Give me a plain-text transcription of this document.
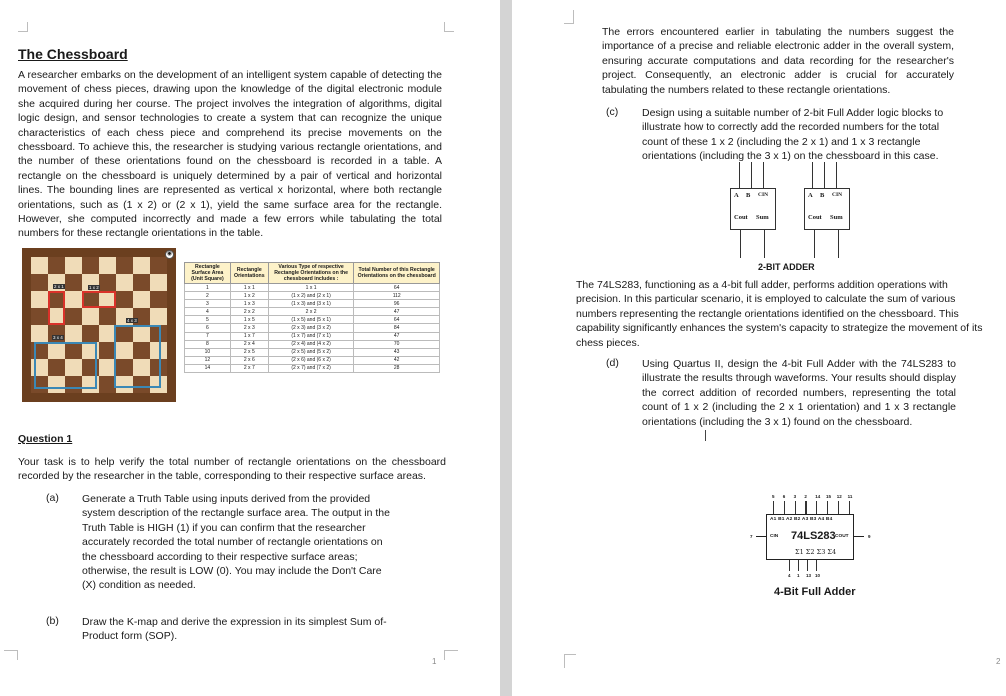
1
The Chessboard
A researcher embarks on the development of an intelligent system capable of detecting the movement of chess pieces, drawing upon the knowledge of the digital electronic module she acquired during her course. The project involves the integration of algorithms, digital logic design, and sensor technologies to create a system that can recognize the unique characteristics of each chess piece and comprehend its precise movements on the chessboard. To achieve this, the researcher is studying various rectangle orientations, and the number of these orientations found on the chessboard is recorded in a table. A rectangle on the chessboard is uniquely determined by a pair of vertical and horizontal lines. The bounding lines are represented as vertical x horizontal, where both rectangle orientations, such as (1 x 2) or (2 x 1), yield the same surface area for the rectangle. However, she computed incorrectly and made a few errors while tabulating the total numbers for these rectangle orientations in the table.
2 x 1	1 x 2
4 x 3
3 x 4
◉
Rectangle Surface Area (Unit Square)	Rectangle Orientations	Various Type of respective Rectangle Orientations on the chessboard includes :	Total Number of this Rectangle Orientations on the chessboard
1	1 x 1	1 x 1	64
2	1 x 2	(1 x 2) and (2 x 1)	112
3	1 x 3	(1 x 3) and (3 x 1)	96
4	2 x 2	2 x 2	47
5	1 x 5	(1 x 5) and (5 x 1)	64
6	2 x 3	(2 x 3) and (3 x 2)	84
7	1 x 7	(1 x 7) and (7 x 1)	47
8	2 x 4	(2 x 4) and (4 x 2)	70
10	2 x 5	(2 x 5) and (5 x 2)	43
12	2 x 6	(2 x 6) and (6 x 2)	42
14	2 x 7	(2 x 7) and (7 x 2)	28
Question 1
Your task is to help verify the total number of rectangle orientations on the chessboard recorded by the researcher in the table, corresponding to their respective surface areas.
(a) Generate a Truth Table using inputs derived from the provided system description of the rectangle surface area. The output in the Truth Table is HIGH (1) if you can confirm that the researcher accurately recorded the total number of rectangle orientations on the chessboard according to their respective surface areas; otherwise, the result is LOW (0). You may include the Don't Care (X) condition as needed.
(b) Draw the K-map and derive the expression in its simplest Sum of- Product form (SOP).
2
The errors encountered earlier in tabulating the numbers suggest the importance of a precise and reliable electronic adder in the overall system, ensuring accurate computations and data recording for the researcher's project. Consequently, an electronic adder is crucial for accurately tabulating the numbers related to these rectangle orientations.
(c) Design using a suitable number of 2-bit Full Adder logic blocks to illustrate how to correctly add the recorded numbers for the total count of these 1 x 2 (including the 2 x 1) and 1 x 3 rectangle orientations (including the 3 x 1) on the chessboard in this case.
A B CIN
Cout Sum
A B CIN
Cout Sum
2-BIT ADDER
The 74LS283, functioning as a 4-bit full adder, performs addition operations with precision. In this particular scenario, it is employed to calculate the sum of various numbers representing the rectangle orientations identified on the chessboard. This capability significantly enhances the system's capacity to strategize the movement of its chess pieces.
(d) Using Quartus II, design the 4-bit Full Adder with the 74LS283 to illustrate the results through waveforms. Your results should display the correct addition of recorded numbers, representing the total count of 1 x 2 (including the 2 x 1 orientation) and 1 x 3 rectangle orientations (including the 3 x 1) found on the chessboard.
5 6 3 2 14 15 12 11
A1 B1 A2 B2 A3 B3 A4 B4
CIN 74LS283 COUT
Σ1 Σ2 Σ3 Σ4
7	9
4 1 13 10
4-Bit Full Adder
